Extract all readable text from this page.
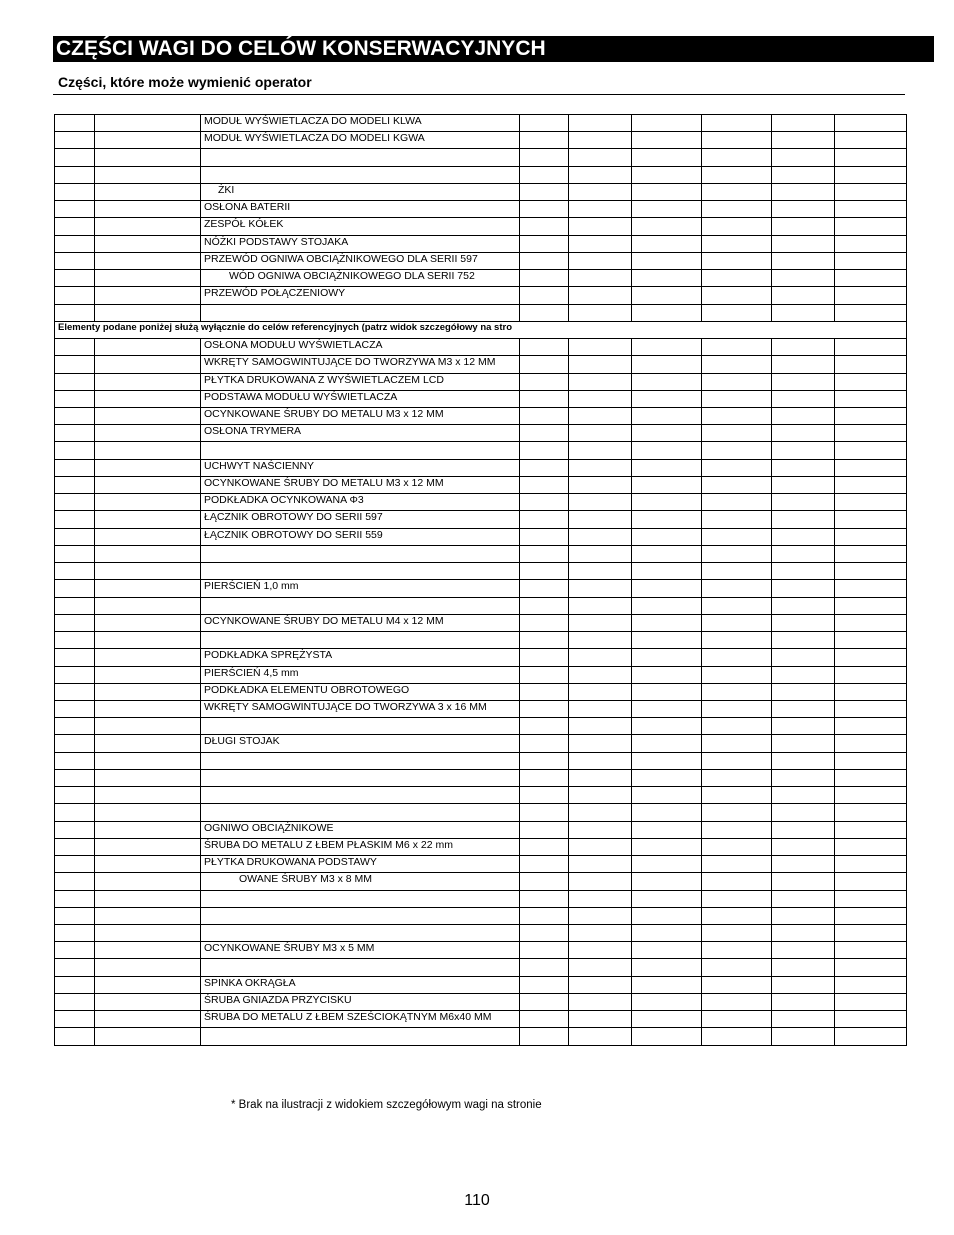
CZĘŚCI WAGI DO CELÓW KONSERWACYJNYCH
Części, które może wymienić operator
		MODUŁ WYŚWIETLACZA DO MODELI KLWA						
		MODUŁ WYŚWIETLACZA DO MODELI KGWA						

		ŻKI						
		OSŁONA BATERII						
		ZESPÓŁ KÓŁEK						
		NÓŻKI PODSTAWY STOJAKA						
		PRZEWÓD OGNIWA OBCIĄŻNIKOWEGO DLA SERII 597						
		WÓD OGNIWA OBCIĄŻNIKOWEGO DLA SERII 752						
		PRZEWÓD POŁĄCZENIOWY						

Elementy podane poniżej służą wyłącznie do celów referencyjnych (patrz widok szczegółowy na stro								
		OSŁONA MODUŁU WYŚWIETLACZA						
		WKRĘTY SAMOGWINTUJĄCE DO TWORZYWA M3 x 12 MM						
		PŁYTKA DRUKOWANA Z WYŚWIETLACZEM LCD						
		PODSTAWA MODUŁU WYŚWIETLACZA						
		OCYNKOWANE ŚRUBY DO METALU M3 x 12 MM						
		OSŁONA TRYMERA						

		UCHWYT NAŚCIENNY						
		OCYNKOWANE ŚRUBY DO METALU M3 x 12 MM						
		PODKŁADKA OCYNKOWANA Φ3						
		ŁĄCZNIK OBROTOWY DO SERII 597						
		ŁĄCZNIK OBROTOWY DO SERII 559						

		PIERŚCIEŃ 1,0 mm						

		OCYNKOWANE ŚRUBY DO METALU M4 x 12 MM						

		PODKŁADKA SPRĘŻYSTA						
		PIERŚCIEŃ 4,5 mm						
		PODKŁADKA ELEMENTU OBROTOWEGO						
		WKRĘTY SAMOGWINTUJĄCE DO TWORZYWA 3 x 16 MM						

		DŁUGI STOJAK						

		OGNIWO OBCIĄŻNIKOWE						
		ŚRUBA DO METALU Z ŁBEM PŁASKIM M6 x 22 mm						
		PŁYTKA DRUKOWANA PODSTAWY						
		OWANE ŚRUBY M3 x 8 MM						

		OCYNKOWANE ŚRUBY M3 x 5 MM						

		SPINKA OKRĄGŁA						
		ŚRUBA GNIAZDA PRZYCISKU						
		ŚRUBA DO METALU Z ŁBEM SZEŚCIOKĄTNYM M6x40 MM						

* Brak na ilustracji z widokiem szczegółowym wagi na stronie
110
